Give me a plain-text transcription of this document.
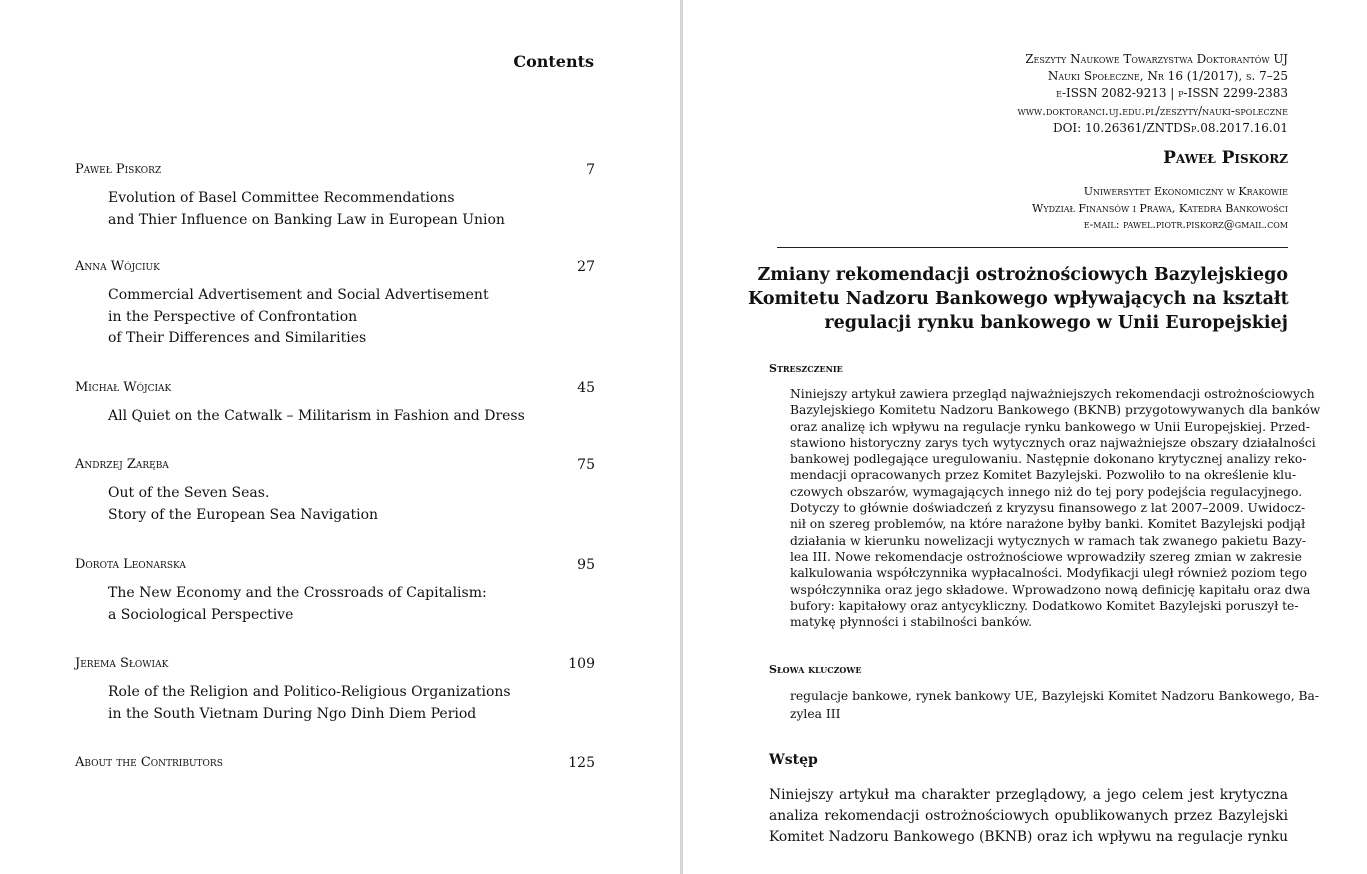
Contents
Paweł Piskorz	7
Evolution of Basel Committee Recommendations
and Thier Influence on Banking Law in European Union
Anna Wójciuk	27
Commercial Advertisement and Social Advertisement
in the Perspective of Confrontation
of Their Differences and Similarities
Michał Wójciak	45
All Quiet on the Catwalk – Militarism in Fashion and Dress
Andrzej Zaręba	75
Out of the Seven Seas.
Story of the European Sea Navigation
Dorota Leonarska	95
The New Economy and the Crossroads of Capitalism:
a Sociological Perspective
Jerema Słowiak	109
Role of the Religion and Politico-Religious Organizations
in the South Vietnam During Ngo Dinh Diem Period
About the Contributors	125
Zeszyty Naukowe Towarzystwa Doktorantów UJ
Nauki Społeczne, Nr 16 (1/2017), s. 7–25
e-ISSN 2082-9213 | p-ISSN 2299-2383
www.doktoranci.uj.edu.pl/zeszyty/nauki-spoleczne
DOI: 10.26361/ZNTDSp.08.2017.16.01
Paweł Piskorz
Uniwersytet Ekonomiczny w Krakowie
Wydział Finansów i Prawa, Katedra Bankowości
e-mail: pawel.piotr.piskorz@gmail.com
Zmiany rekomendacji ostrożnościowych Bazylejskiego
Komitetu Nadzoru Bankowego wpływających na kształt
regulacji rynku bankowego w Unii Europejskiej
Streszczenie
Niniejszy artykuł zawiera przegląd najważniejszych rekomendacji ostrożnościowych
Bazylejskiego Komitetu Nadzoru Bankowego (BKNB) przygotowywanych dla banków
oraz analizę ich wpływu na regulacje rynku bankowego w Unii Europejskiej. Przed-
stawiono historyczny zarys tych wytycznych oraz najważniejsze obszary działalności
bankowej podlegające uregulowaniu. Następnie dokonano krytycznej analizy reko-
mendacji opracowanych przez Komitet Bazylejski. Pozwoliło to na określenie klu-
czowych obszarów, wymagających innego niż do tej pory podejścia regulacyjnego.
Dotyczy to głównie doświadczeń z kryzysu finansowego z lat 2007–2009. Uwidocz-
nił on szereg problemów, na które narażone byłby banki. Komitet Bazylejski podjął
działania w kierunku nowelizacji wytycznych w ramach tak zwanego pakietu Bazy-
lea III. Nowe rekomendacje ostrożnościowe wprowadziły szereg zmian w zakresie
kalkulowania współczynnika wypłacalności. Modyfikacji uległ również poziom tego
współczynnika oraz jego składowe. Wprowadzono nową definicję kapitału oraz dwa
bufory: kapitałowy oraz antycykliczny. Dodatkowo Komitet Bazylejski poruszył te-
matykę płynności i stabilności banków.
Słowa kluczowe
regulacje bankowe, rynek bankowy UE, Bazylejski Komitet Nadzoru Bankowego, Ba-
zylea III
Wstęp
Niniejszy artykuł ma charakter przeglądowy, a jego celem jest krytyczna
analiza rekomendacji ostrożnościowych opublikowanych przez Bazylejski
Komitet Nadzoru Bankowego (BKNB) oraz ich wpływu na regulacje rynku
